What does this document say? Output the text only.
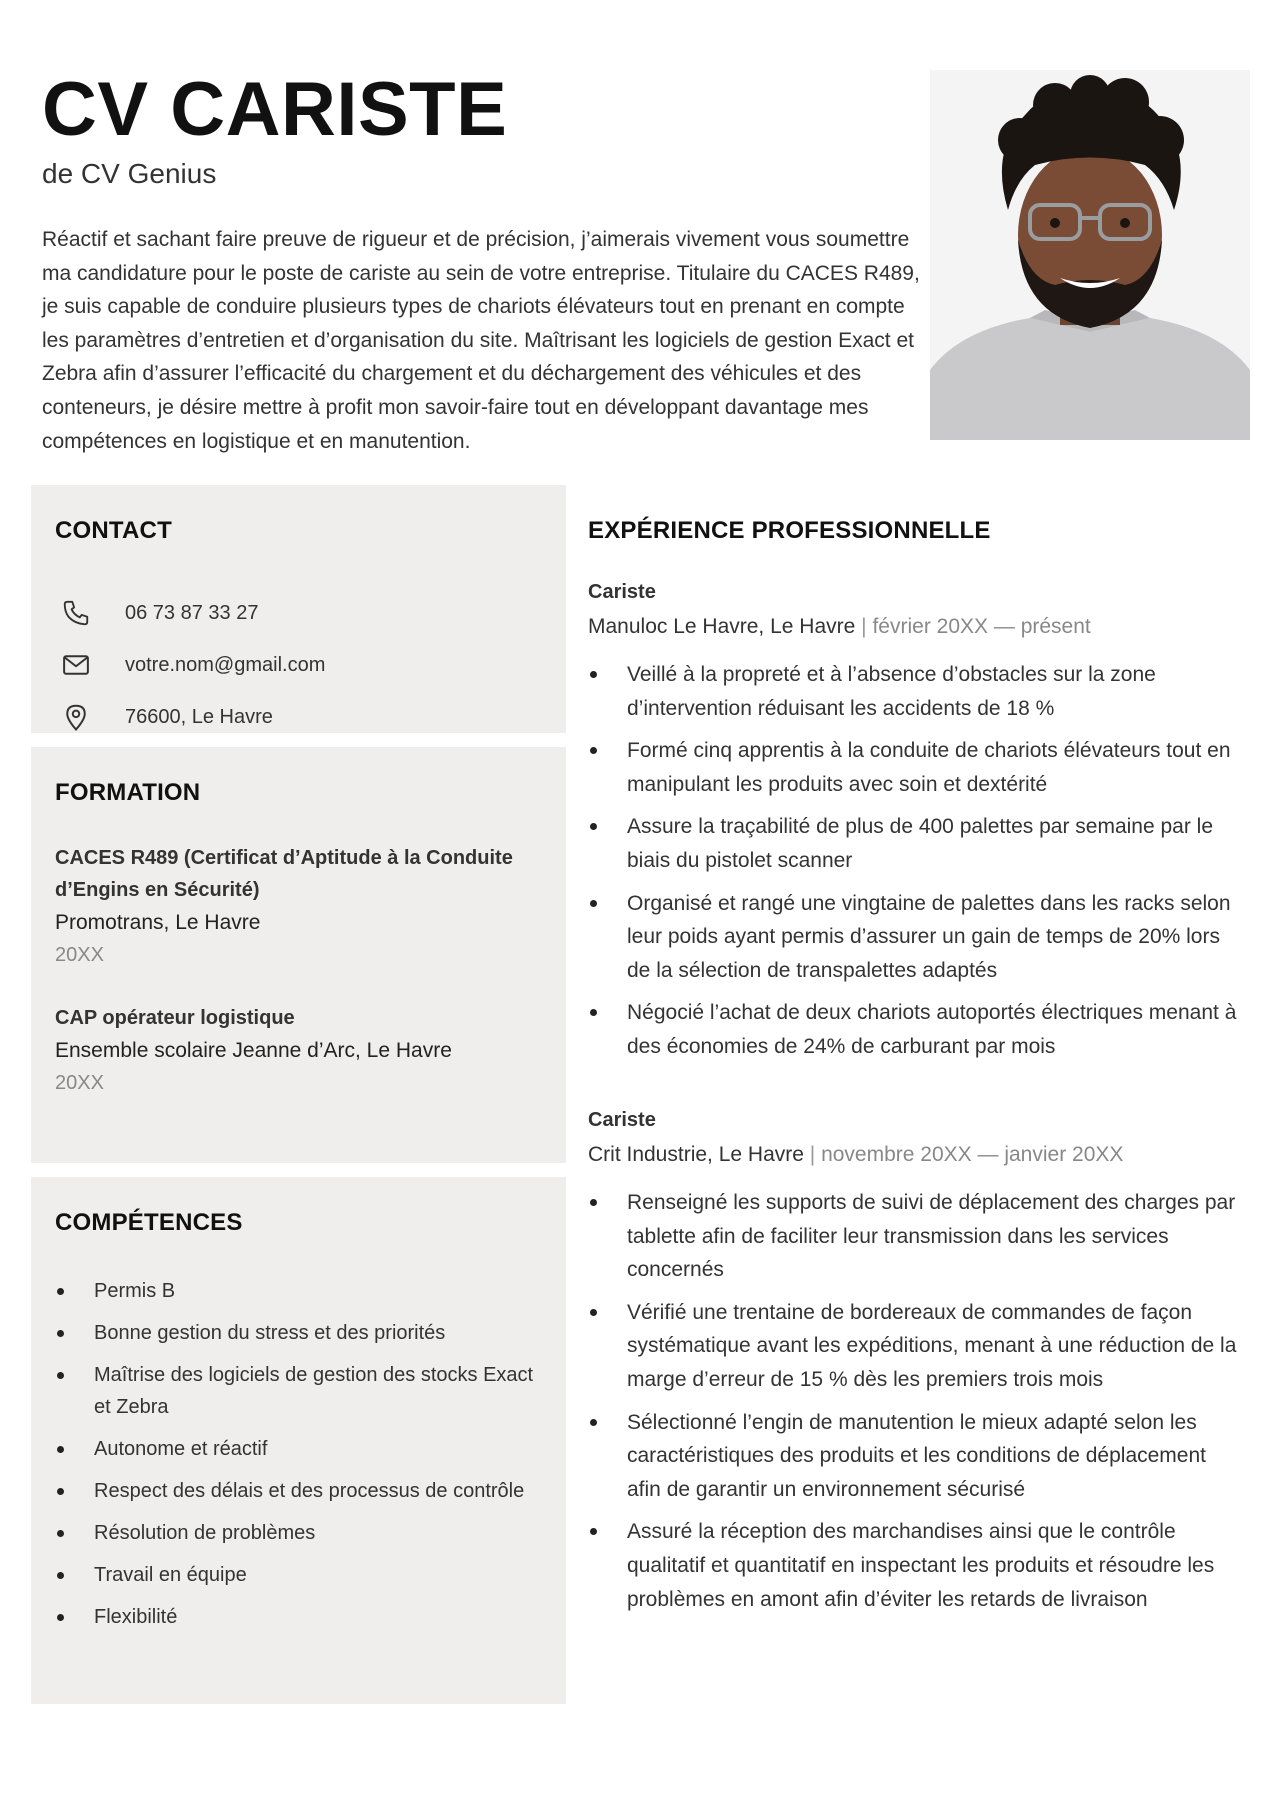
CV CARISTE

de CV Genius

Réactif et sachant faire preuve de rigueur et de précision, j’aimerais vivement vous soumettre ma candidature pour le poste de cariste au sein de votre entreprise. Titulaire du CACES R489, je suis capable de conduire plusieurs types de chariots élévateurs tout en prenant en compte les paramètres d’entretien et d’organisation du site. Maîtrisant les logiciels de gestion Exact et Zebra afin d’assurer l’efficacité du chargement et du déchargement des véhicules et des conteneurs, je désire mettre à profit mon savoir-faire tout en développant davantage mes compétences en logistique et en manutention.

CONTACT
06 73 87 33 27
votre.nom@gmail.com
76600, Le Havre
FORMATION

CACES R489 (Certificat d’Aptitude à la Conduite d’Engins en Sécurité)

Promotrans, Le Havre

20XX

CAP opérateur logistique

Ensemble scolaire Jeanne d’Arc, Le Havre

20XX

COMPÉTENCES
Permis B
Bonne gestion du stress et des priorités
Maîtrise des logiciels de gestion des stocks Exact et Zebra
Autonome et réactif
Respect des délais et des processus de contrôle
Résolution de problèmes
Travail en équipe
Flexibilité
EXPÉRIENCE PROFESSIONNELLE

Cariste

Manuloc Le Havre, Le Havre | février 20XX — présent

Veillé à la propreté et à l’absence d’obstacles sur la zone d’intervention réduisant les accidents de 18 %
Formé cinq apprentis à la conduite de chariots élévateurs tout en manipulant les produits avec soin et dextérité
Assure la traçabilité de plus de 400 palettes par semaine par le biais du pistolet scanner
Organisé et rangé une vingtaine de palettes dans les racks selon leur poids ayant permis d’assurer un gain de temps de 20% lors de la sélection de transpalettes adaptés
Négocié l’achat de deux chariots autoportés électriques menant à des économies de 24% de carburant par mois

Cariste

Crit Industrie, Le Havre | novembre 20XX — janvier 20XX

Renseigné les supports de suivi de déplacement des charges par tablette afin de faciliter leur transmission dans les services concernés
Vérifié une trentaine de bordereaux de commandes de façon systématique avant les expéditions, menant à une réduction de la marge d’erreur de 15 % dès les premiers trois mois
Sélectionné l’engin de manutention le mieux adapté selon les caractéristiques des produits et les conditions de déplacement afin de garantir un environnement sécurisé
Assuré la réception des marchandises ainsi que le contrôle qualitatif et quantitatif en inspectant les produits et résoudre les problèmes en amont afin d’éviter les retards de livraison
